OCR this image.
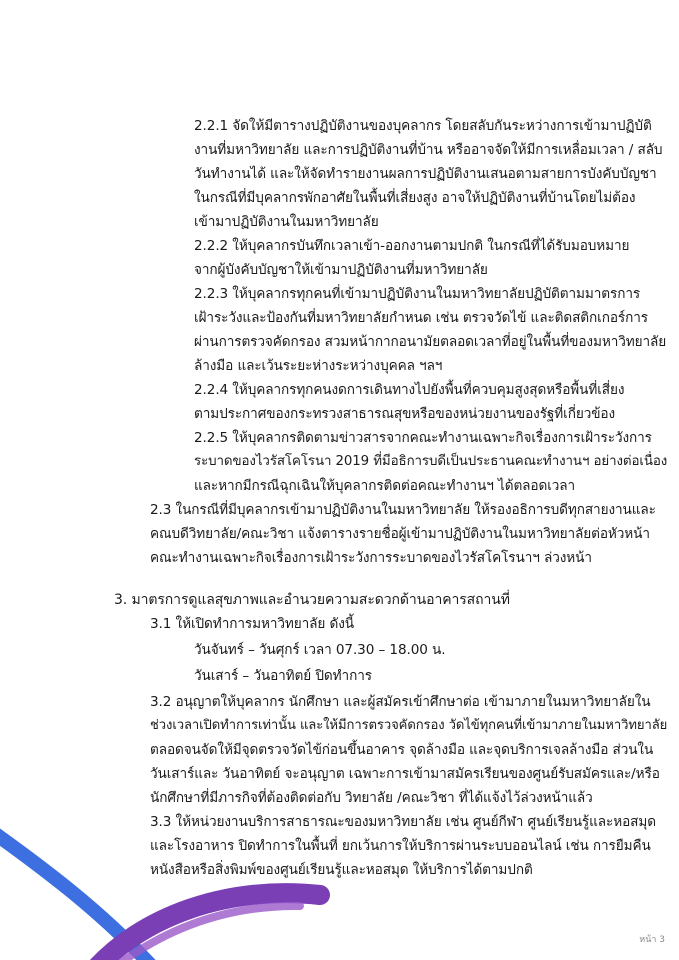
2.2.1 จัดให้มีตารางปฏิบัติงานของบุคลากร โดยสลับกันระหว่างการเข้ามาปฏิบัติ
งานที่มหาวิทยาลัย และการปฏิบัติงานที่บ้าน หรืออาจจัดให้มีการเหลื่อมเวลา / สลับ
วันทำงานได้ และให้จัดทำรายงานผลการปฏิบัติงานเสนอตามสายการบังคับบัญชา
ในกรณีที่มีบุคลากรพักอาศัยในพื้นที่เสี่ยงสูง อาจให้ปฏิบัติงานที่บ้านโดยไม่ต้อง
เข้ามาปฏิบัติงานในมหาวิทยาลัย
2.2.2 ให้บุคลากรบันทึกเวลาเข้า-ออกงานตามปกติ ในกรณีที่ได้รับมอบหมาย
จากผู้บังคับบัญชาให้เข้ามาปฏิบัติงานที่มหาวิทยาลัย
2.2.3 ให้บุคลากรทุกคนที่เข้ามาปฏิบัติงานในมหาวิทยาลัยปฏิบัติตามมาตรการ
เฝ้าระวังและป้องกันที่มหาวิทยาลัยกำหนด เช่น ตรวจวัดไข้ และติดสติกเกอร์การ
ผ่านการตรวจคัดกรอง สวมหน้ากากอนามัยตลอดเวลาที่อยู่ในพื้นที่ของมหาวิทยาลัย
ล้างมือ และเว้นระยะห่างระหว่างบุคคล ฯลฯ
2.2.4 ให้บุคลากรทุกคนงดการเดินทางไปยังพื้นที่ควบคุมสูงสุดหรือพื้นที่เสี่ยง
ตามประกาศของกระทรวงสาธารณสุขหรือของหน่วยงานของรัฐที่เกี่ยวข้อง
2.2.5 ให้บุคลากรติดตามข่าวสารจากคณะทำงานเฉพาะกิจเรื่องการเฝ้าระวังการ
ระบาดของไวรัสโคโรนา 2019 ที่มีอธิการบดีเป็นประธานคณะทำงานฯ อย่างต่อเนื่อง
และหากมีกรณีฉุกเฉินให้บุคลากรติดต่อคณะทำงานฯ ได้ตลอดเวลา
2.3 ในกรณีที่มีบุคลากรเข้ามาปฏิบัติงานในมหาวิทยาลัย ให้รองอธิการบดีทุกสายงานและ
คณบดีวิทยาลัย/คณะวิชา แจ้งตารางรายชื่อผู้เข้ามาปฏิบัติงานในมหาวิทยาลัยต่อหัวหน้า
คณะทำงานเฉพาะกิจเรื่องการเฝ้าระวังการระบาดของไวรัสโคโรนาฯ ล่วงหน้า
3. มาตรการดูแลสุขภาพและอำนวยความสะดวกด้านอาคารสถานที่
3.1 ให้เปิดทำการมหาวิทยาลัย ดังนี้
วันจันทร์ – วันศุกร์ เวลา 07.30 – 18.00 น.
วันเสาร์ – วันอาทิตย์ ปิดทำการ
3.2 อนุญาตให้บุคลากร นักศึกษา และผู้สมัครเข้าศึกษาต่อ เข้ามาภายในมหาวิทยาลัยใน
ช่วงเวลาเปิดทำการเท่านั้น และให้มีการตรวจคัดกรอง วัดไข้ทุกคนที่เข้ามาภายในมหาวิทยาลัย
ตลอดจนจัดให้มีจุดตรวจวัดไข้ก่อนขึ้นอาคาร จุดล้างมือ และจุดบริการเจลล้างมือ ส่วนใน
วันเสาร์และ วันอาทิตย์ จะอนุญาต เฉพาะการเข้ามาสมัครเรียนของศูนย์รับสมัครและ/หรือ
นักศึกษาที่มีภารกิจที่ต้องติดต่อกับ วิทยาลัย /คณะวิชา ที่ได้แจ้งไว้ล่วงหน้าแล้ว
3.3 ให้หน่วยงานบริการสาธารณะของมหาวิทยาลัย เช่น ศูนย์กีฬา ศูนย์เรียนรู้และหอสมุด
และโรงอาหาร ปิดทำการในพื้นที่ ยกเว้นการให้บริการผ่านระบบออนไลน์ เช่น การยืมคืน
หนังสือหรือสิ่งพิมพ์ของศูนย์เรียนรู้และหอสมุด ให้บริการได้ตามปกติ
หน้า 3
